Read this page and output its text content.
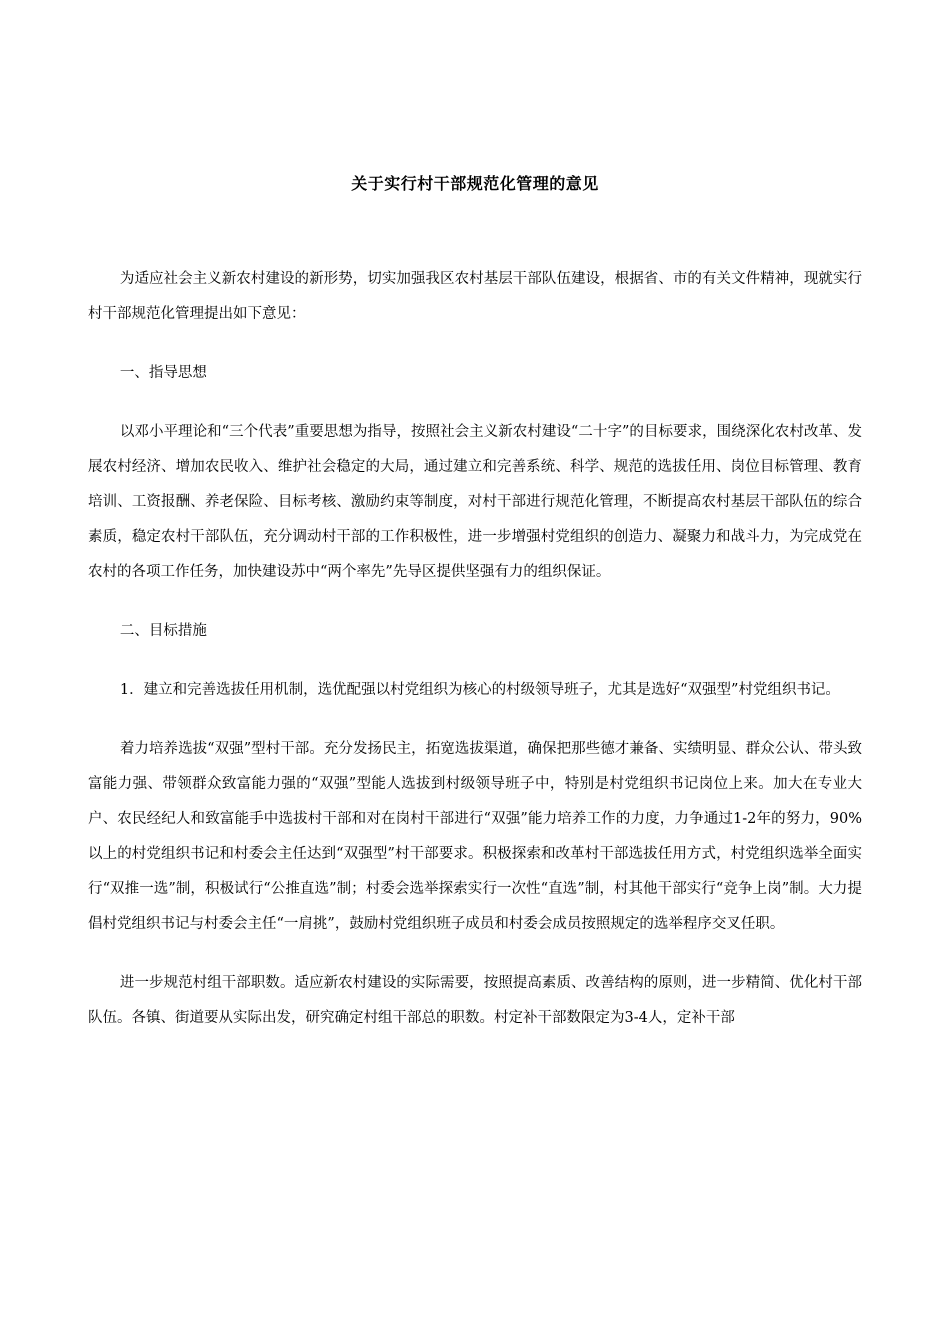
关于实行村干部规范化管理的意见

为适应社会主义新农村建设的新形势，切实加强我区农村基层干部队伍建设，根据省、市的有关文件精神，现就实行村干部规范化管理提出如下意见：

一、指导思想

以邓小平理论和“三个代表”重要思想为指导，按照社会主义新农村建设“二十字”的目标要求，围绕深化农村改革、发展农村经济、增加农民收入、维护社会稳定的大局，通过建立和完善系统、科学、规范的选拔任用、岗位目标管理、教育培训、工资报酬、养老保险、目标考核、激励约束等制度，对村干部进行规范化管理，不断提高农村基层干部队伍的综合素质，稳定农村干部队伍，充分调动村干部的工作积极性，进一步增强村党组织的创造力、凝聚力和战斗力，为完成党在农村的各项工作任务，加快建设苏中“两个率先”先导区提供坚强有力的组织保证。

二、目标措施

1．建立和完善选拔任用机制，选优配强以村党组织为核心的村级领导班子，尤其是选好“双强型”村党组织书记。

着力培养选拔“双强”型村干部。充分发扬民主，拓宽选拔渠道，确保把那些德才兼备、实绩明显、群众公认、带头致富能力强、带领群众致富能力强的“双强”型能人选拔到村级领导班子中，特别是村党组织书记岗位上来。加大在专业大户、农民经纪人和致富能手中选拔村干部和对在岗村干部进行“双强”能力培养工作的力度，力争通过1-2年的努力，90%以上的村党组织书记和村委会主任达到“双强型”村干部要求。积极探索和改革村干部选拔任用方式，村党组织选举全面实行“双推一选”制，积极试行“公推直选”制；村委会选举探索实行一次性“直选”制，村其他干部实行“竞争上岗”制。大力提倡村党组织书记与村委会主任“一肩挑”，鼓励村党组织班子成员和村委会成员按照规定的选举程序交叉任职。

进一步规范村组干部职数。适应新农村建设的实际需要，按照提高素质、改善结构的原则，进一步精简、优化村干部队伍。各镇、街道要从实际出发，研究确定村组干部总的职数。村定补干部数限定为3-4人，定补干部
